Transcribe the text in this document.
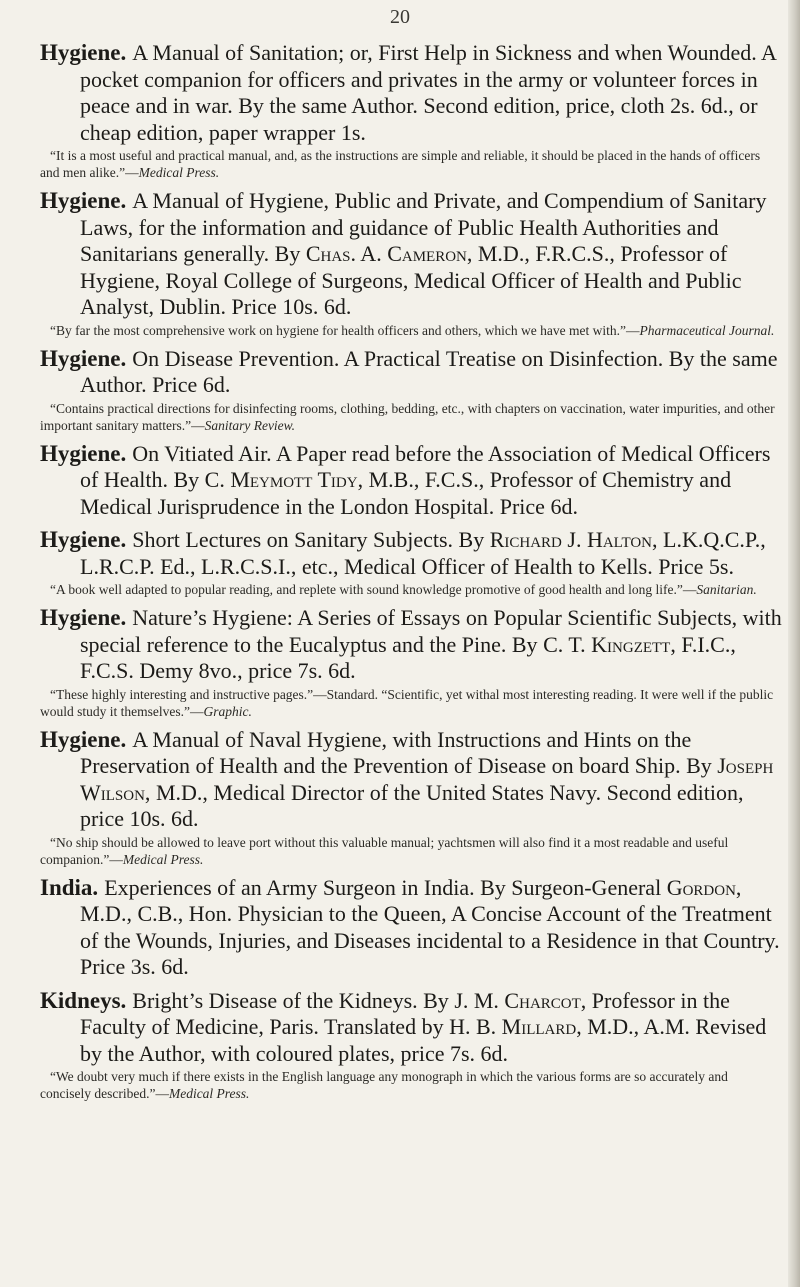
20
Hygiene. A Manual of Sanitation; or, First Help in Sickness and when Wounded. A pocket companion for officers and privates in the army or volunteer forces in peace and in war. By the same Author. Second edition, price, cloth 2s. 6d., or cheap edition, paper wrapper 1s.
“It is a most useful and practical manual, and, as the instructions are simple and reliable, it should be placed in the hands of officers and men alike.”—Medical Press.
Hygiene. A Manual of Hygiene, Public and Private, and Compendium of Sanitary Laws, for the information and guidance of Public Health Authorities and Sanitarians generally. By Chas. A. Cameron, M.D., F.R.C.S., Professor of Hygiene, Royal College of Surgeons, Medical Officer of Health and Public Analyst, Dublin. Price 10s. 6d.
“By far the most comprehensive work on hygiene for health officers and others, which we have met with.”—Pharmaceutical Journal.
Hygiene. On Disease Prevention. A Practical Treatise on Disinfection. By the same Author. Price 6d.
“Contains practical directions for disinfecting rooms, clothing, bedding, etc., with chapters on vaccination, water impurities, and other important sanitary matters.”—Sanitary Review.
Hygiene. On Vitiated Air. A Paper read before the Association of Medical Officers of Health. By C. Meymott Tidy, M.B., F.C.S., Professor of Chemistry and Medical Jurisprudence in the London Hospital. Price 6d.
Hygiene. Short Lectures on Sanitary Subjects. By Richard J. Halton, L.K.Q.C.P., L.R.C.P. Ed., L.R.C.S.I., etc., Medical Officer of Health to Kells. Price 5s.
“A book well adapted to popular reading, and replete with sound knowledge promotive of good health and long life.”—Sanitarian.
Hygiene. Nature’s Hygiene: A Series of Essays on Popular Scientific Subjects, with special reference to the Eucalyptus and the Pine. By C. T. Kingzett, F.I.C., F.C.S. Demy 8vo., price 7s. 6d.
“These highly interesting and instructive pages.”—Standard. “Scientific, yet withal most interesting reading. It were well if the public would study it themselves.”—Graphic.
Hygiene. A Manual of Naval Hygiene, with Instructions and Hints on the Preservation of Health and the Prevention of Disease on board Ship. By Joseph Wilson, M.D., Medical Director of the United States Navy. Second edition, price 10s. 6d.
“No ship should be allowed to leave port without this valuable manual; yachtsmen will also find it a most readable and useful companion.”—Medical Press.
India. Experiences of an Army Surgeon in India. By Surgeon-General Gordon, M.D., C.B., Hon. Physician to the Queen, A Concise Account of the Treatment of the Wounds, Injuries, and Diseases incidental to a Residence in that Country. Price 3s. 6d.
Kidneys. Bright’s Disease of the Kidneys. By J. M. Charcot, Professor in the Faculty of Medicine, Paris. Translated by H. B. Millard, M.D., A.M. Revised by the Author, with coloured plates, price 7s. 6d.
“We doubt very much if there exists in the English language any monograph in which the various forms are so accurately and concisely described.”—Medical Press.
